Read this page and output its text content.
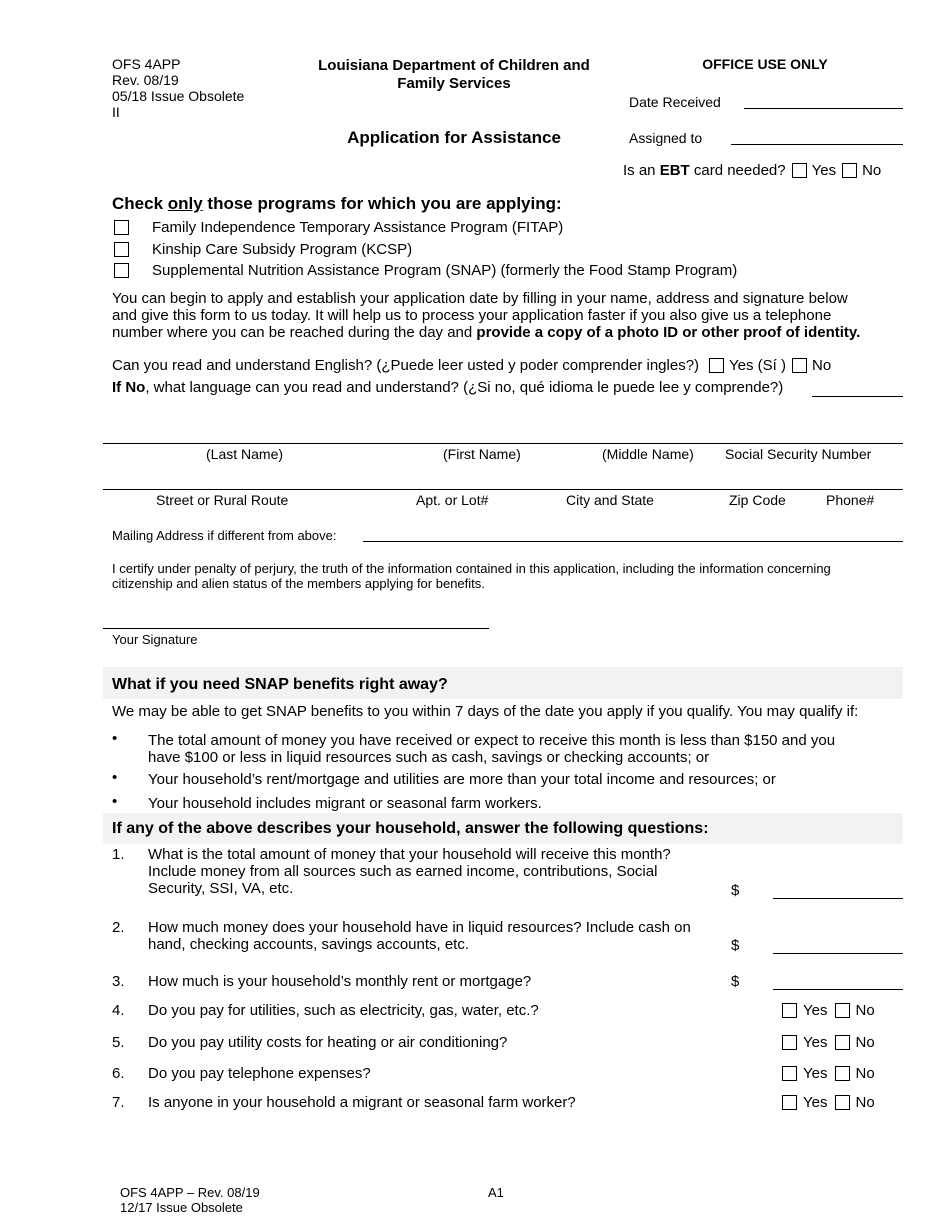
OFS 4APP
Rev. 08/19
05/18 Issue Obsolete
II
Louisiana Department of Children and
Family Services
Application for Assistance
OFFICE USE ONLY
Date Received
Assigned to
Is an EBT card needed? Yes No
Check only those programs for which you are applying:
Family Independence Temporary Assistance Program (FITAP)
Kinship Care Subsidy Program (KCSP)
Supplemental Nutrition Assistance Program (SNAP) (formerly the Food Stamp Program)
You can begin to apply and establish your application date by filling in your name, address and signature below
and give this form to us today. It will help us to process your application faster if you also give us a telephone
number where you can be reached during the day and provide a copy of a photo ID or other proof of identity.
Can you read and understand English? (¿Puede leer usted y poder comprender ingles?) Yes (Sí ) No
If No, what language can you read and understand? (¿Si no, qué idioma le puede lee y comprende?)
(Last Name)	(First Name)	(Middle Name) Social Security Number
Street or Rural Route	Apt. or Lot#	City and State	Zip Code	Phone#
Mailing Address if different from above:
I certify under penalty of perjury, the truth of the information contained in this application, including the information concerning
citizenship and alien status of the members applying for benefits.
Your Signature
What if you need SNAP benefits right away?
We may be able to get SNAP benefits to you within 7 days of the date you apply if you qualify. You may qualify if:
• The total amount of money you have received or expect to receive this month is less than $150 and you
have $100 or less in liquid resources such as cash, savings or checking accounts; or
• Your household’s rent/mortgage and utilities are more than your total income and resources; or
• Your household includes migrant or seasonal farm workers.
If any of the above describes your household, answer the following questions:
1. What is the total amount of money that your household will receive this month?
Include money from all sources such as earned income, contributions, Social
Security, SSI, VA, etc.	$
2. How much money does your household have in liquid resources? Include cash on
hand, checking accounts, savings accounts, etc.	$
3. How much is your household’s monthly rent or mortgage?	$
4. Do you pay for utilities, such as electricity, gas, water, etc.?	Yes No
5. Do you pay utility costs for heating or air conditioning?	Yes No
6. Do you pay telephone expenses?	Yes No
7. Is anyone in your household a migrant or seasonal farm worker?	Yes No
OFS 4APP – Rev. 08/19
12/17 Issue Obsolete
A1
